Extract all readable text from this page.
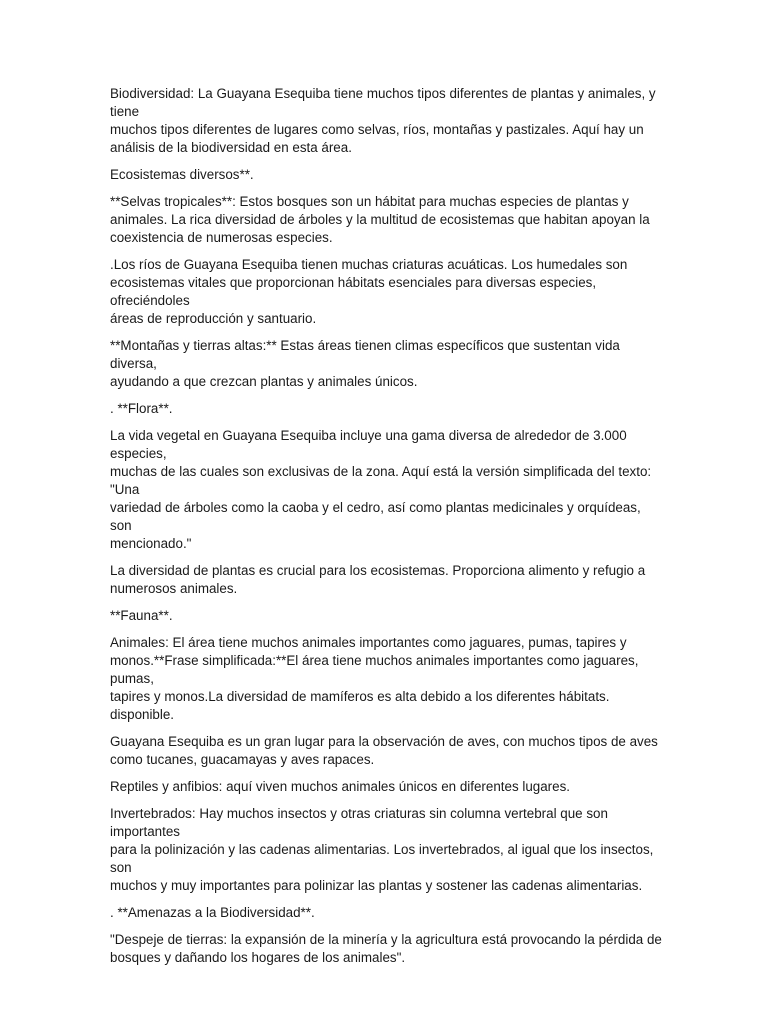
Biodiversidad: La Guayana Esequiba tiene muchos tipos diferentes de plantas y animales, y tiene
muchos tipos diferentes de lugares como selvas, ríos, montañas y pastizales. Aquí hay un
análisis de la biodiversidad en esta área.

Ecosistemas diversos**.

**Selvas tropicales**: Estos bosques son un hábitat para muchas especies de plantas y
animales. La rica diversidad de árboles y la multitud de ecosistemas que habitan apoyan la
coexistencia de numerosas especies.

.Los ríos de Guayana Esequiba tienen muchas criaturas acuáticas. Los humedales son
ecosistemas vitales que proporcionan hábitats esenciales para diversas especies, ofreciéndoles
áreas de reproducción y santuario.

**Montañas y tierras altas:** Estas áreas tienen climas específicos que sustentan vida diversa,
ayudando a que crezcan plantas y animales únicos.

. **Flora**.

La vida vegetal en Guayana Esequiba incluye una gama diversa de alrededor de 3.000 especies,
muchas de las cuales son exclusivas de la zona. Aquí está la versión simplificada del texto: "Una
variedad de árboles como la caoba y el cedro, así como plantas medicinales y orquídeas, son
mencionado."

La diversidad de plantas es crucial para los ecosistemas. Proporciona alimento y refugio a
numerosos animales.

**Fauna**.

Animales: El área tiene muchos animales importantes como jaguares, pumas, tapires y
monos.**Frase simplificada:**El área tiene muchos animales importantes como jaguares, pumas,
tapires y monos.La diversidad de mamíferos es alta debido a los diferentes hábitats. disponible.

Guayana Esequiba es un gran lugar para la observación de aves, con muchos tipos de aves
como tucanes, guacamayas y aves rapaces.

Reptiles y anfibios: aquí viven muchos animales únicos en diferentes lugares.

Invertebrados: Hay muchos insectos y otras criaturas sin columna vertebral que son importantes
para la polinización y las cadenas alimentarias. Los invertebrados, al igual que los insectos, son
muchos y muy importantes para polinizar las plantas y sostener las cadenas alimentarias.

. **Amenazas a la Biodiversidad**.

"Despeje de tierras: la expansión de la minería y la agricultura está provocando la pérdida de
bosques y dañando los hogares de los animales".
